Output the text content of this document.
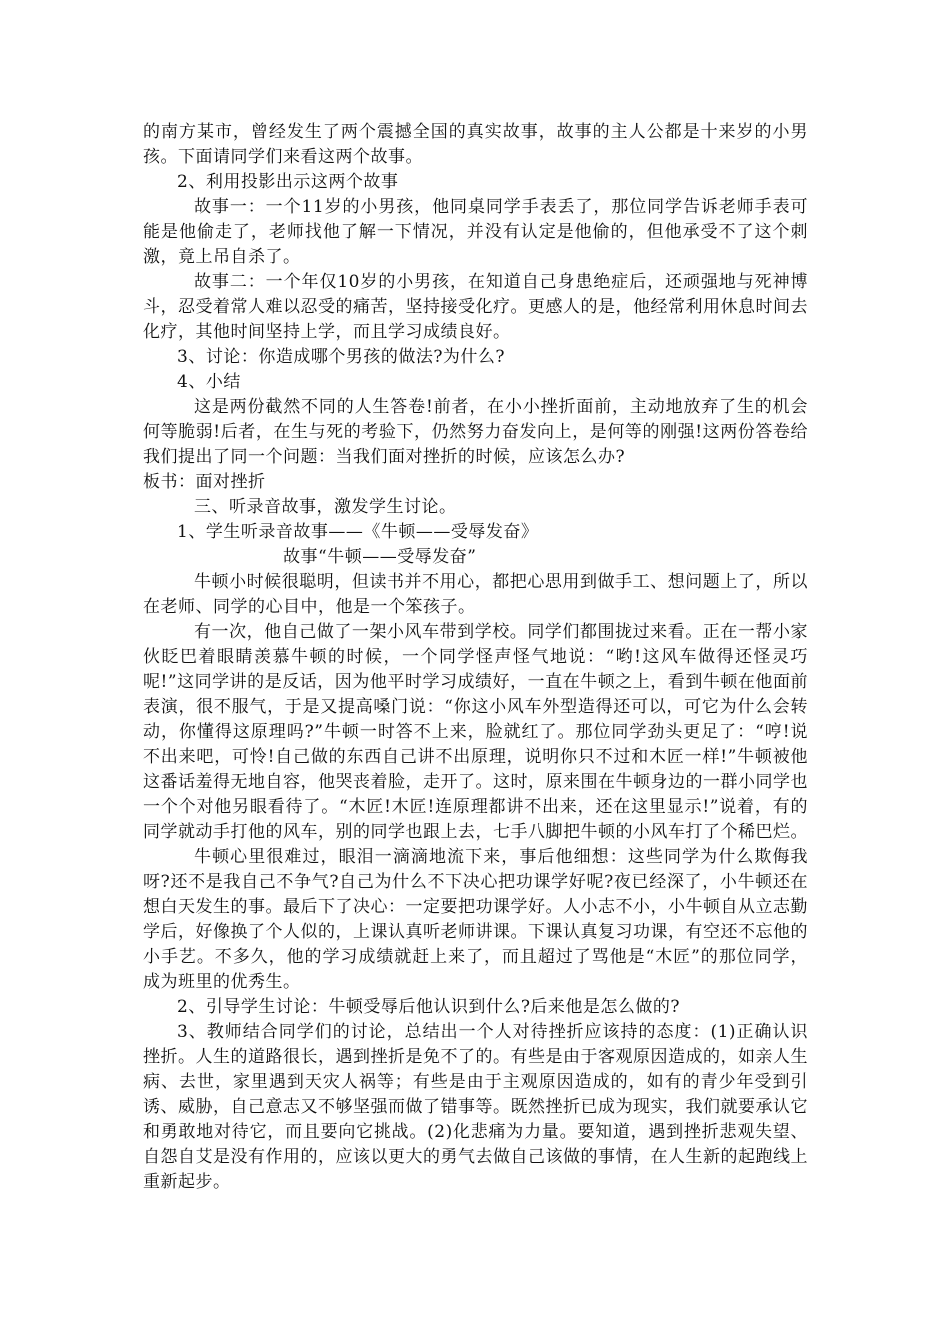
的南方某市，曾经发生了两个震撼全国的真实故事，故事的主人公都是十来岁的小男孩。下面请同学们来看这两个故事。

2、利用投影出示这两个故事

故事一：一个11岁的小男孩，他同桌同学手表丢了，那位同学告诉老师手表可能是他偷走了，老师找他了解一下情况，并没有认定是他偷的，但他承受不了这个刺激，竟上吊自杀了。

故事二：一个年仅10岁的小男孩，在知道自己身患绝症后，还顽强地与死神博斗，忍受着常人难以忍受的痛苦，坚持接受化疗。更感人的是，他经常利用休息时间去化疗，其他时间坚持上学，而且学习成绩良好。

3、讨论：你造成哪个男孩的做法?为什么?

4、小结

这是两份截然不同的人生答卷!前者，在小小挫折面前，主动地放弃了生的机会何等脆弱!后者，在生与死的考验下，仍然努力奋发向上，是何等的刚强!这两份答卷给我们提出了同一个问题：当我们面对挫折的时候，应该怎么办?

板书：面对挫折

三、听录音故事，激发学生讨论。

1、学生听录音故事——《牛顿——受辱发奋》

故事“牛顿——受辱发奋”

牛顿小时候很聪明，但读书并不用心，都把心思用到做手工、想问题上了，所以在老师、同学的心目中，他是一个笨孩子。

有一次，他自己做了一架小风车带到学校。同学们都围拢过来看。正在一帮小家伙眨巴着眼睛羡慕牛顿的时候，一个同学怪声怪气地说：“哟!这风车做得还怪灵巧呢!”这同学讲的是反话，因为他平时学习成绩好，一直在牛顿之上，看到牛顿在他面前表演，很不服气，于是又提高嗓门说：“你这小风车外型造得还可以，可它为什么会转动，你懂得这原理吗?”牛顿一时答不上来，脸就红了。那位同学劲头更足了：“哼!说不出来吧，可怜!自己做的东西自己讲不出原理，说明你只不过和木匠一样!”牛顿被他这番话羞得无地自容，他哭丧着脸，走开了。这时，原来围在牛顿身边的一群小同学也一个个对他另眼看待了。“木匠!木匠!连原理都讲不出来，还在这里显示!”说着，有的同学就动手打他的风车，别的同学也跟上去，七手八脚把牛顿的小风车打了个稀巴烂。

牛顿心里很难过，眼泪一滴滴地流下来，事后他细想：这些同学为什么欺侮我呀?还不是我自己不争气?自己为什么不下决心把功课学好呢?夜已经深了，小牛顿还在想白天发生的事。最后下了决心：一定要把功课学好。人小志不小，小牛顿自从立志勤学后，好像换了个人似的，上课认真听老师讲课。下课认真复习功课，有空还不忘他的小手艺。不多久，他的学习成绩就赶上来了，而且超过了骂他是“木匠”的那位同学，成为班里的优秀生。

2、引导学生讨论：牛顿受辱后他认识到什么?后来他是怎么做的?

3、教师结合同学们的讨论，总结出一个人对待挫折应该持的态度：(1)正确认识挫折。人生的道路很长，遇到挫折是免不了的。有些是由于客观原因造成的，如亲人生病、去世，家里遇到天灾人祸等；有些是由于主观原因造成的，如有的青少年受到引诱、威胁，自己意志又不够坚强而做了错事等。既然挫折已成为现实，我们就要承认它和勇敢地对待它，而且要向它挑战。(2)化悲痛为力量。要知道，遇到挫折悲观失望、自怨自艾是没有作用的，应该以更大的勇气去做自己该做的事情，在人生新的起跑线上重新起步。
